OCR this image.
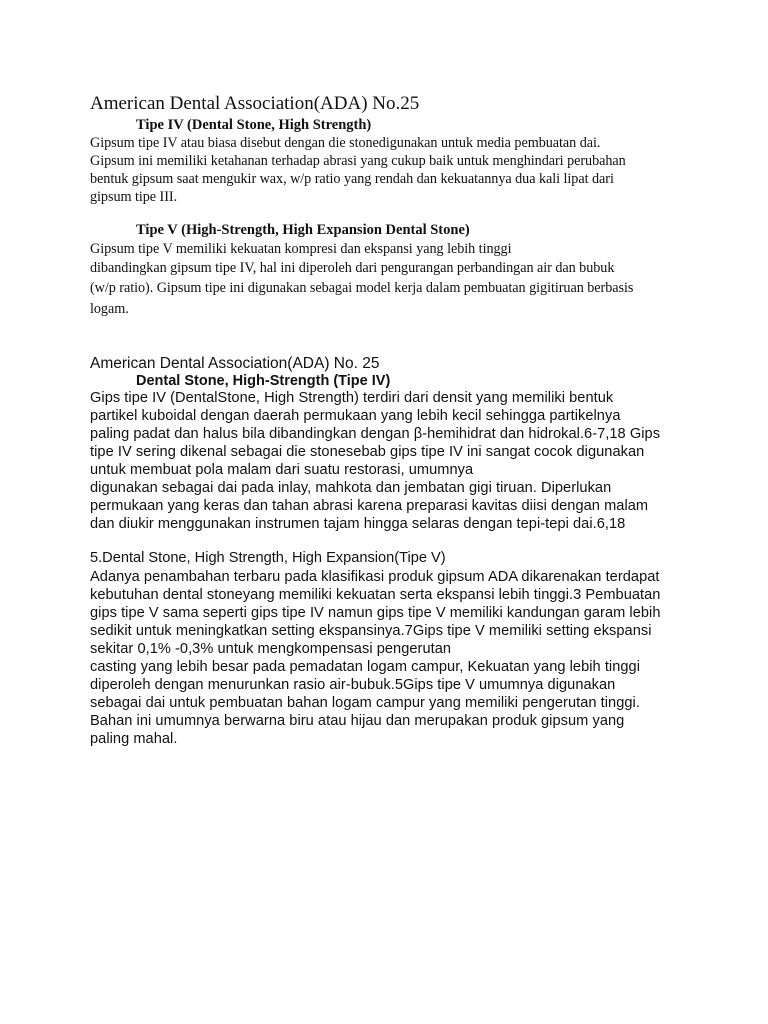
American Dental Association(ADA) No.25

Tipe IV (Dental Stone, High Strength)

Gipsum tipe IV atau biasa disebut dengan die stonedigunakan untuk media pembuatan dai.

Gipsum ini memiliki ketahanan terhadap abrasi yang cukup baik untuk menghindari perubahan

bentuk gipsum saat mengukir wax, w/p ratio yang rendah dan kekuatannya dua kali lipat dari

gipsum tipe III.

Tipe V (High-Strength, High Expansion Dental Stone)

Gipsum tipe V memiliki kekuatan kompresi dan ekspansi yang lebih tinggi

dibandingkan gipsum tipe IV, hal ini diperoleh dari pengurangan perbandingan air dan bubuk

(w/p ratio). Gipsum tipe ini digunakan sebagai model kerja dalam pembuatan gigitiruan berbasis

logam.

American Dental Association(ADA) No. 25

Dental Stone, High-Strength (Tipe IV)

Gips tipe IV (DentalStone, High Strength) terdiri dari densit yang memiliki bentuk

partikel kuboidal dengan daerah permukaan yang lebih kecil sehingga partikelnya

paling padat dan halus bila dibandingkan dengan β-hemihidrat dan hidrokal.6-7,18 Gips

tipe IV sering dikenal sebagai die stonesebab gips tipe IV ini sangat cocok digunakan

untuk membuat pola malam dari suatu restorasi, umumnya

digunakan sebagai dai pada inlay, mahkota dan jembatan gigi tiruan. Diperlukan

permukaan yang keras dan tahan abrasi karena preparasi kavitas diisi dengan malam

dan diukir menggunakan instrumen tajam hingga selaras dengan tepi-tepi dai.6,18

5.Dental Stone, High Strength, High Expansion(Tipe V)

Adanya penambahan terbaru pada klasifikasi produk gipsum ADA dikarenakan terdapat

kebutuhan dental stoneyang memiliki kekuatan serta ekspansi lebih tinggi.3 Pembuatan

gips tipe V sama seperti gips tipe IV namun gips tipe V memiliki kandungan garam lebih

sedikit untuk meningkatkan setting ekspansinya.7Gips tipe V memiliki setting ekspansi

sekitar 0,1% -0,3% untuk mengkompensasi pengerutan

casting yang lebih besar pada pemadatan logam campur, Kekuatan yang lebih tinggi

diperoleh dengan menurunkan rasio air-bubuk.5Gips tipe V umumnya digunakan

sebagai dai untuk pembuatan bahan logam campur yang memiliki pengerutan tinggi.

Bahan ini umumnya berwarna biru atau hijau dan merupakan produk gipsum yang

paling mahal.
